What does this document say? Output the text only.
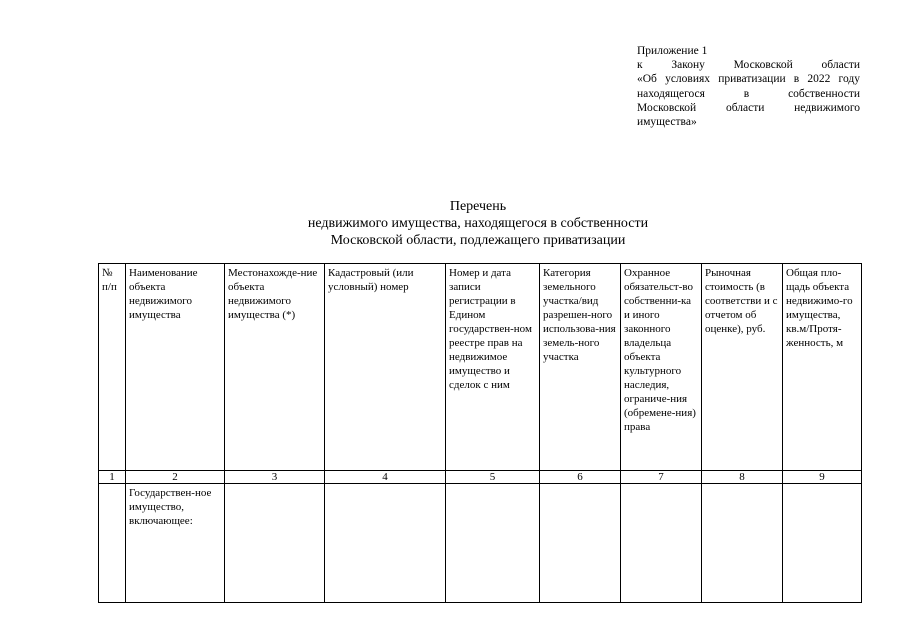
Приложение 1
к Закону Московской области
«Об условиях приватизации в 2022 году
находящегося в собственности
Московской области недвижимого
имущества»
Перечень
недвижимого имущества, находящегося в собственности
Московской области, подлежащего приватизации
№ п/п	Наименование объекта недвижимого имущества	Местонахожде-ние объекта недвижимого имущества (*)	Кадастровый (или условный) номер	Номер и дата записи регистрации в Едином государствен-ном реестре прав на недвижимое имущество и сделок с ним	Категория земельного участка/вид разрешен-ного использова-ния земель-ного участка	Охранное обязательст-во собственни-ка и иного законного владельца объекта культурного наследия, ограниче-ния (обремене-ния) права	Рыночная стоимость (в соответстви и с отчетом об оценке), руб.	Общая пло-щадь объекта недвижимо-го имущества, кв.м/Протя-женность, м
1	2	3	4	5	6	7	8	9
	Государствен-ное имущество, включающее:							
